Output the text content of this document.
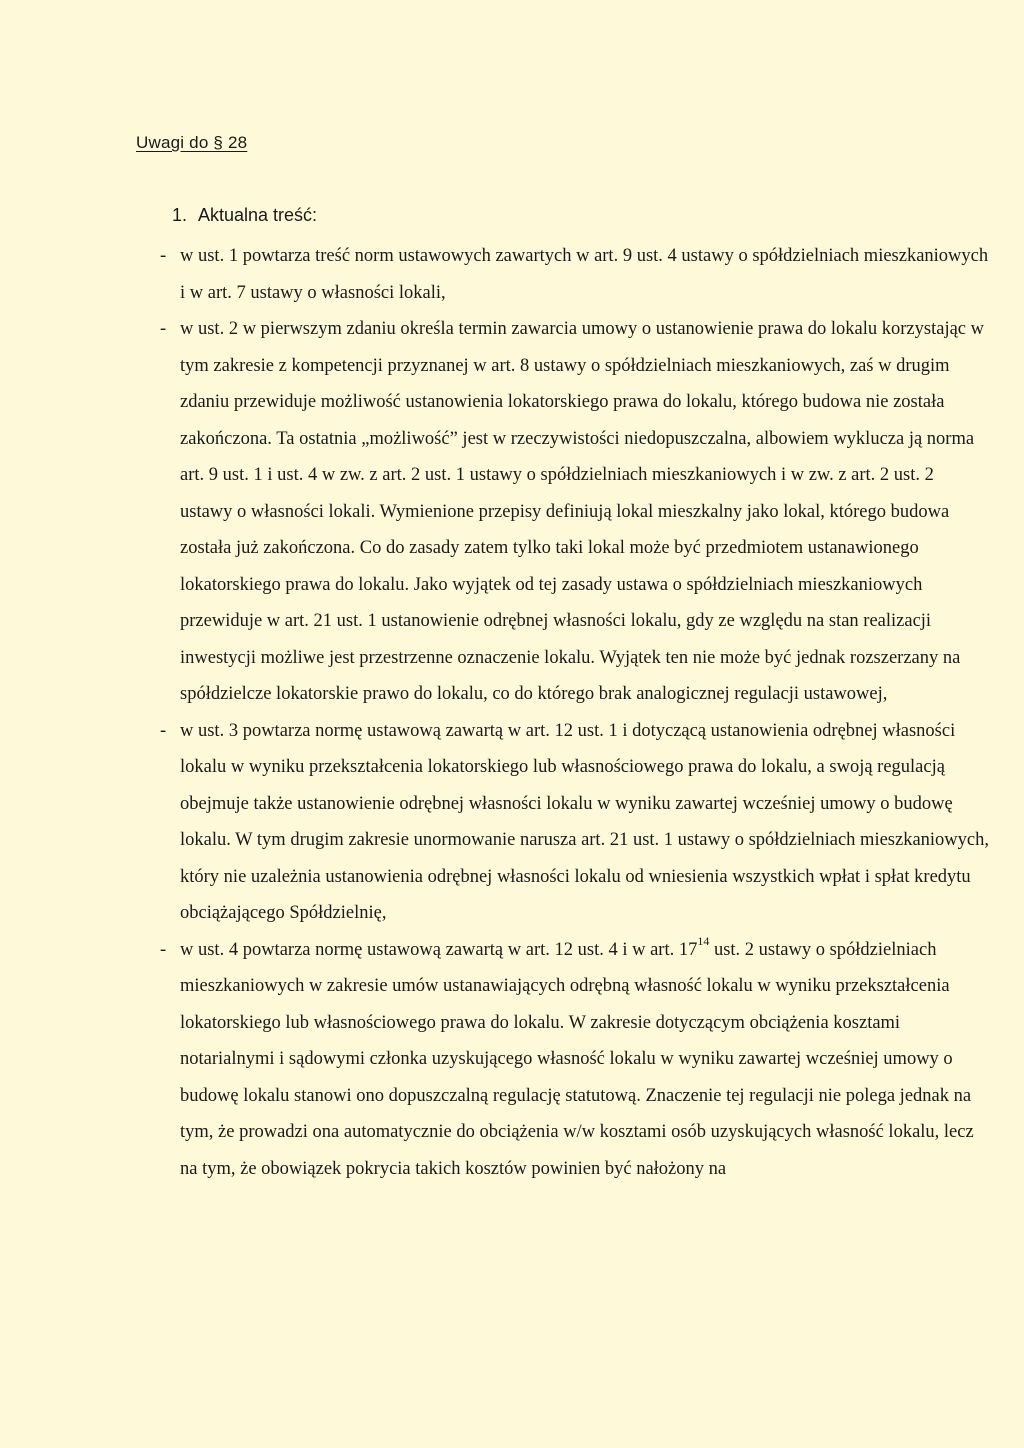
Uwagi do § 28
1. Aktualna treść:
- w ust. 1 powtarza treść norm ustawowych zawartych w art. 9 ust. 4 ustawy o spółdzielniach mieszkaniowych i w art. 7 ustawy o własności lokali,
- w ust. 2 w pierwszym zdaniu określa termin zawarcia umowy o ustanowienie prawa do lokalu korzystając w tym zakresie z kompetencji przyznanej w art. 8 ustawy o spółdzielniach mieszkaniowych, zaś w drugim zdaniu przewiduje możliwość ustanowienia lokatorskiego prawa do lokalu, którego budowa nie została zakończona. Ta ostatnia „możliwość” jest w rzeczywistości niedopuszczalna, albowiem wyklucza ją norma art. 9 ust. 1 i ust. 4 w zw. z art. 2 ust. 1 ustawy o spółdzielniach mieszkaniowych i w zw. z art. 2 ust. 2 ustawy o własności lokali. Wymienione przepisy definiują lokal mieszkalny jako lokal, którego budowa została już zakończona. Co do zasady zatem tylko taki lokal może być przedmiotem ustanawionego lokatorskiego prawa do lokalu. Jako wyjątek od tej zasady ustawa o spółdzielniach mieszkaniowych przewiduje w art. 21 ust. 1 ustanowienie odrębnej własności lokalu, gdy ze względu na stan realizacji inwestycji możliwe jest przestrzenne oznaczenie lokalu. Wyjątek ten nie może być jednak rozszerzany na spółdzielcze lokatorskie prawo do lokalu, co do którego brak analogicznej regulacji ustawowej,
- w ust. 3 powtarza normę ustawową zawartą w art. 12 ust. 1 i dotyczącą ustanowienia odrębnej własności lokalu w wyniku przekształcenia lokatorskiego lub własnościowego prawa do lokalu, a swoją regulacją obejmuje także ustanowienie odrębnej własności lokalu w wyniku zawartej wcześniej umowy o budowę lokalu. W tym drugim zakresie unormowanie narusza art. 21 ust. 1 ustawy o spółdzielniach mieszkaniowych, który nie uzależnia ustanowienia odrębnej własności lokalu od wniesienia wszystkich wpłat i spłat kredytu obciążającego Spółdzielnię,
- w ust. 4 powtarza normę ustawową zawartą w art. 12 ust. 4 i w art. $17^{14}$ ust. 2 ustawy o spółdzielniach mieszkaniowych w zakresie umów ustanawiających odrębną własność lokalu w wyniku przekształcenia lokatorskiego lub własnościowego prawa do lokalu. W zakresie dotyczącym obciążenia kosztami notarialnymi i sądowymi członka uzyskującego własność lokalu w wyniku zawartej wcześniej umowy o budowę lokalu stanowi ono dopuszczalną regulację statutową. Znaczenie tej regulacji nie polega jednak na tym, że prowadzi ona automatycznie do obciążenia w/w kosztami osób uzyskujących własność lokalu, lecz na tym, że obowiązek pokrycia takich kosztów powinien być nałożony na
